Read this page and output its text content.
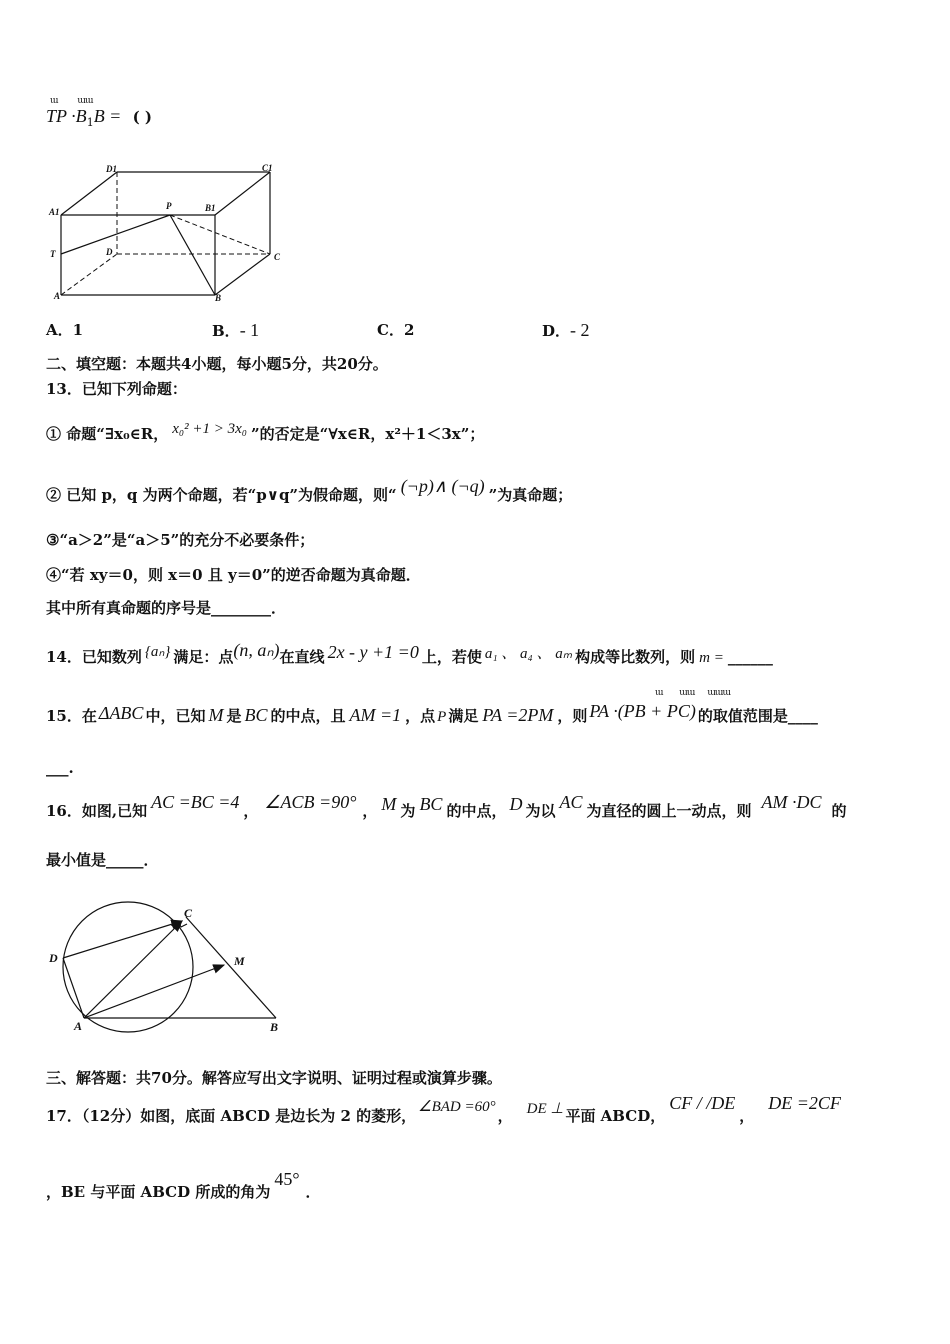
ɯ ɯɯ
TP $\cdot B_1B$ = ( )
D1	C1
A1
P	B1
T	D	C
A	B
A．1	B．- 1	C．2	D．- 2
二、填空题：本题共4小题，每小题5分，共20分。
13．已知下列命题：
① 命题“∃x₀∈R， x₀² +1 > 3x₀ ”的否定是“∀x∈R，x²＋1＜3x”；
② 已知 p，q 为两个命题，若“p∨q”为假命题，则“ (¬p)∧ (¬q) ”为真命题；
③“a＞2”是“a＞5”的充分不必要条件；
④“若 xy＝0，则 x＝0 且 y＝0”的逆否命题为真命题．
其中所有真命题的序号是________．
14．已知数列 {aₙ} 满足：点(n, aₙ)在直线 2x - y +1 =0 上，若使 a₁ 、 a₄ 、 aₘ 构成等比数列，则 m = ______
ɯ         ɯɯ       ɯɯɯ
15．在 ΔABC 中，已知 M 是 BC 的中点，且 AM =1 ，点 P 满足 PA =2PM ，则 PA ·(PB + PC) 的取值范围是____
___.
16．如图,已知 AC =BC =4 ， ∠ACB =90° ， M 为 BC 的中点， D 为以 AC 为直径的圆上一动点，则 AM ·DC 的
最小值是_____．
C
D	M
A	B
三、解答题：共70分。解答应写出文字说明、证明过程或演算步骤。
17．（12分）如图，底面 ABCD 是边长为 2 的菱形， ∠BAD =60° ， DE ⊥ 平面 ABCD，CF / /DE，DE =2CF
，BE 与平面 ABCD 所成的角为45°．
